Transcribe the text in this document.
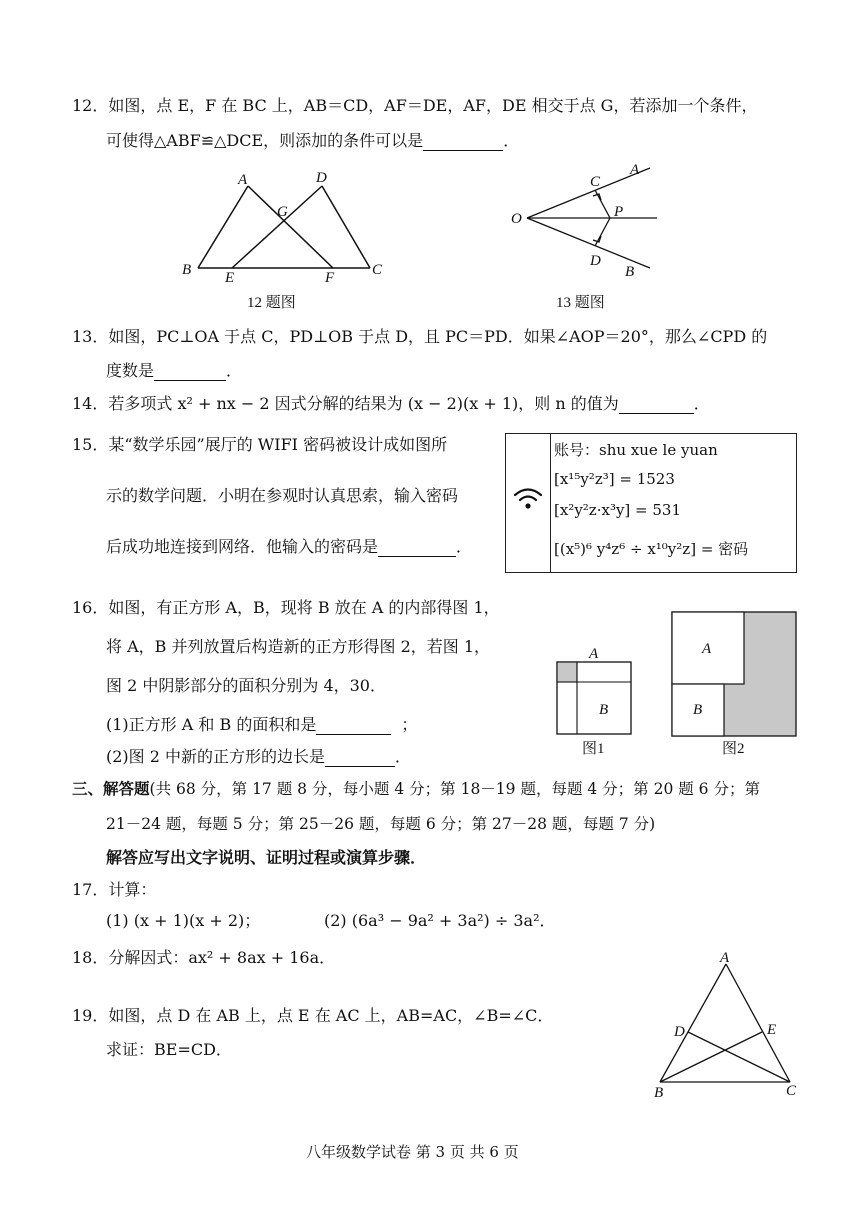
12．如图，点 E，F 在 BC 上，AB＝CD，AF＝DE，AF，DE 相交于点 G，若添加一个条件，
可使得△ABF≌△DCE，则添加的条件可以是	．
A	D
G
B E	F	C
12 题图
C
A
O	P
D
B
13 题图
13．如图，PC⊥OA 于点 C，PD⊥OB 于点 D，且 PC＝PD．如果∠AOP＝20°，那么∠CPD 的
度数是	．
14．若多项式 x² + nx − 2 因式分解的结果为 (x − 2)(x + 1)，则 n 的值为	．
15．某“数学乐园”展厅的 WIFI 密码被设计成如图所
示的数学问题．小明在参观时认真思索，输入密码
后成功地连接到网络．他输入的密码是	．
账号：shu xue le yuan
[x¹⁵y²z³] = 1523
[x²y²z·x³y] = 531
[(x⁵)⁶ y⁴z⁶ ÷ x¹⁰y²z] = 密码
16．如图，有正方形 A，B，现将 B 放在 A 的内部得图 1，
将 A，B 并列放置后构造新的正方形得图 2，若图 1，
图 2 中阴影部分的面积分别为 4，30．
(1)正方形 A 和 B 的面积和是	；
(2)图 2 中新的正方形的边长是	．
A
B
图1
A
B
图2
三、解答题(共 68 分，第 17 题 8 分，每小题 4 分；第 18－19 题，每题 4 分；第 20 题 6 分；第
21－24 题，每题 5 分；第 25－26 题，每题 6 分；第 27－28 题，每题 7 分)
解答应写出文字说明、证明过程或演算步骤．
17．计算：
(1) (x + 1)(x + 2)；	(2) (6a³ − 9a² + 3a²) ÷ 3a²．
18．分解因式：ax² + 8ax + 16a．
19．如图，点 D 在 AB 上，点 E 在 AC 上，AB=AC，∠B=∠C．
求证：BE=CD．
A
D	E
B	C
八年级数学试卷 第 3 页 共 6 页
